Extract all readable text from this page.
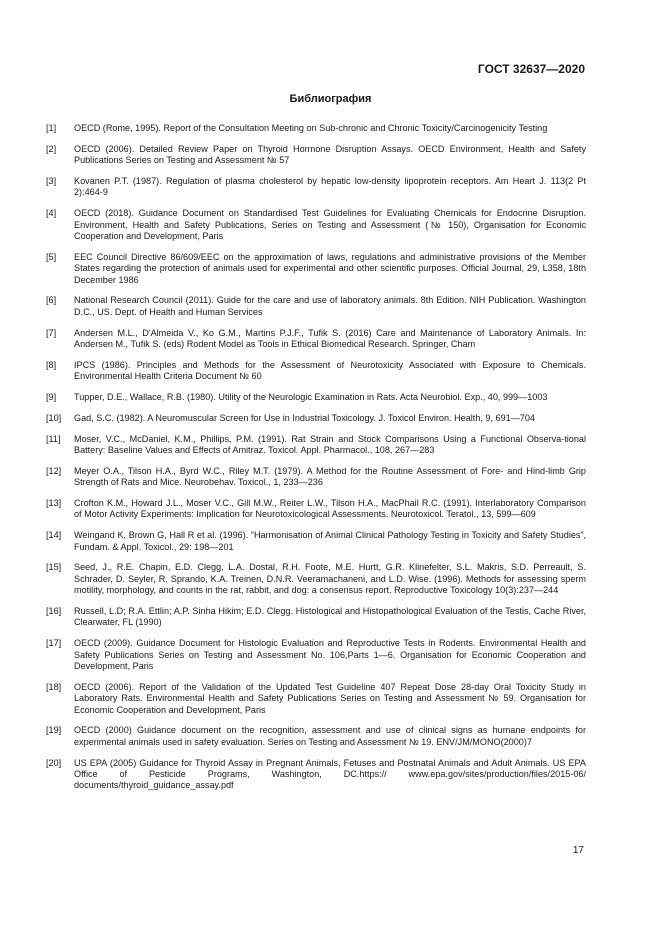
ГОСТ 32637—2020
Библиография
[1]	OECD (Rome, 1995). Report of the Consultation Meeting on Sub-chronic and Chronic Toxicity/Carcinogenicity Testing
[2]	OECD (2006). Detailed Review Paper on Thyroid Hormone Disruption Assays. OECD Environment, Health and Safety Publications Series on Testing and Assessment № 57
[3]	Kovanen P.T. (1987). Regulation of plasma cholesterol by hepatic low-density lipoprotein receptors. Am Heart J. 113(2 Pt 2):464-9
[4]	OECD (2018). Guidance Document on Standardised Test Guidelines for Evaluating Chemicals for Endocrine Disruption. Environment, Health and Safety Publications, Series on Testing and Assessment (№ 150), Organisation for Economic Cooperation and Development, Paris
[5]	EEC Council Directive 86/609/EEC on the approximation of laws, regulations and administrative provisions of the Member States regarding the protection of animals used for experimental and other scientific purposes. Official Journal, 29, L358, 18th December 1986
[6]	National Research Council (2011). Guide for the care and use of laboratory animals. 8th Edition. NIH Publication. Washington D.C., US. Dept. of Health and Human Services
[7]	Andersen M.L., D'Almeida V., Ko G.M., Martins P.J.F., Tufik S. (2016) Care and Maintenance of Laboratory Animals. In: Andersen M., Tufik S. (eds) Rodent Model as Tools in Ethical Biomedical Research. Springer, Cham
[8]	IPCS (1986). Principles and Methods for the Assessment of Neurotoxicity Associated with Exposure to Chemicals. Environmental Health Criteria Document № 60
[9]	Tupper, D.E., Wallace, R.B. (1980). Utility of the Neurologic Examination in Rats. Acta Neurobiol. Exp., 40, 999—1003
[10]	Gad, S.C. (1982). A Neuromuscular Screen for Use in Industrial Toxicology. J. Toxicol Environ. Health, 9, 691—704
[11]	Moser, V.C., McDaniel, K.M., Phillips, P.M. (1991). Rat Strain and Stock Comparisons Using a Functional Observa-tional Battery: Baseline Values and Effects of Amitraz. Toxicol. Appl. Pharmacol., 108, 267—283
[12]	Meyer O.A., Tilson H.A., Byrd W.C., Riley M.T. (1979). A Method for the Routine Assessment of Fore- and Hind-limb Grip Strength of Rats and Mice. Neurobehav. Toxicol., 1, 233—236
[13]	Crofton K.M., Howard J.L., Moser V.C., Gill M.W., Reiter L.W., Tilson H.A., MacPhail R.C. (1991). Interlaboratory Comparison of Motor Activity Experiments: Implication for Neurotoxicological Assessments. Neurotoxicol. Teratol., 13, 599—609
[14]	Weingand K, Brown G, Hall R et al. (1996). “Harmonisation of Animal Clinical Pathology Testing in Toxicity and Safety Studies”, Fundam. & Appl. Toxicol., 29: 198—201
[15]	Seed, J., R.E. Chapin, E.D. Clegg, L.A. Dostal, R.H. Foote, M.E. Hurtt, G.R. Klinefelter, S.L. Makris, S.D. Perreault, S. Schrader, D. Seyler, R. Sprando, K.A. Treinen, D.N.R. Veeramachaneni, and L.D. Wise. (1996). Methods for assessing sperm motility, morphology, and counts in the rat, rabbit, and dog: a consensus report. Reproductive Toxicology 10(3):237—244
[16]	Russell, L.D; R.A. Ettlin; A.P. Sinha Hikim; E.D. Clegg. Histological and Histopathological Evaluation of the Testis, Cache River, Clearwater, FL (1990)
[17]	OECD (2009). Guidance Document for Histologic Evaluation and Reproductive Tests in Rodents. Environmental Health and Safety Publications Series on Testing and Assessment No. 106,Parts 1—6. Organisation for Economic Cooperation and Development, Paris
[18]	OECD (2006). Report of the Validation of the Updated Test Guideline 407 Repeat Dose 28-day Oral Toxicity Study in Laboratory Rats. Environmental Health and Safety Publications Series on Testing and Assessment № 59. Organisation for Economic Cooperation and Development, Paris
[19]	OECD (2000) Guidance document on the recognition, assessment and use of clinical signs as humane endpoints for experimental animals used in safety evaluation. Series on Testing and Assessment № 19. ENV/JM/MONO(2000)7
[20]	US EPA (2005) Guidance for Thyroid Assay in Pregnant Animals, Fetuses and Postnatal Animals and Adult Animals. US EPA Office of Pesticide Programs, Washington, DC.https:// www.epa.gov/sites/production/files/2015-06/ documents/thyroid_guidance_assay.pdf
17
